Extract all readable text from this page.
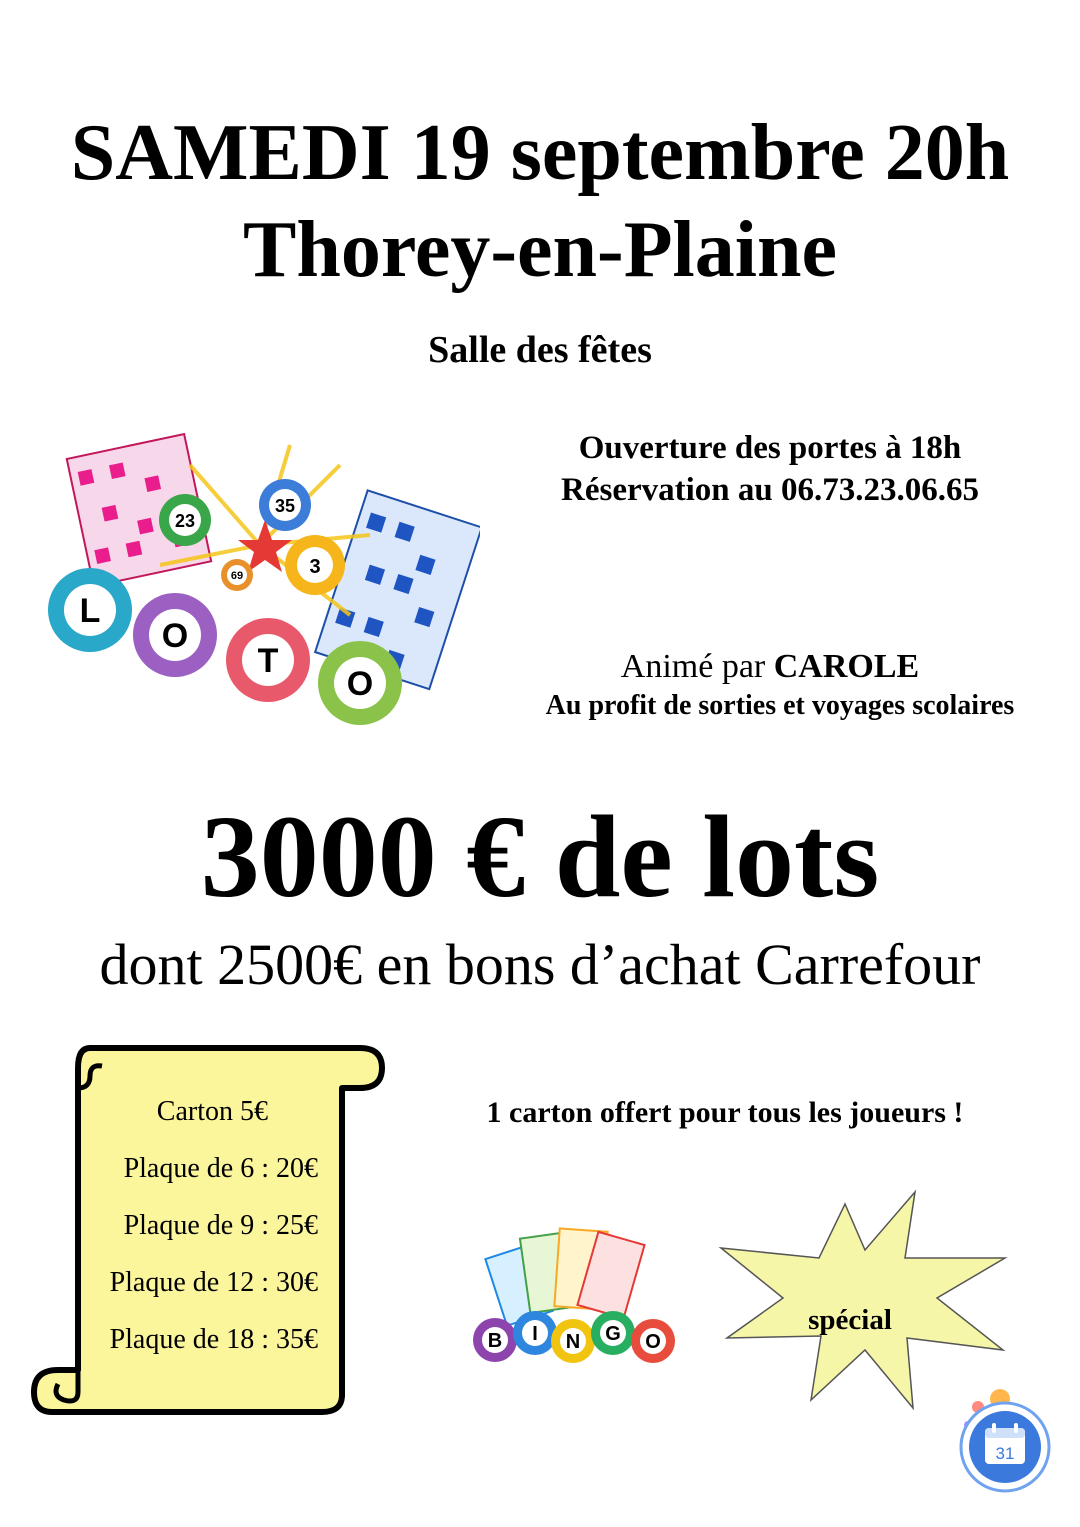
SAMEDI 19 septembre 20h
Thorey-en-Plaine
Salle des fêtes
35
23
3
69
L
O
T
O
Ouverture des portes à 18h
Réservation au 06.73.23.06.65
Animé par CAROLE
Au profit de sorties et voyages scolaires
3000 € de lots
dont 2500€ en bons d’achat Carrefour
Carton 5€
Plaque de 6 : 20€
Plaque de 9 : 25€
Plaque de 12 : 30€
Plaque de 18 : 35€
1 carton offert pour tous les joueurs !
B I N G O
spécial
31
